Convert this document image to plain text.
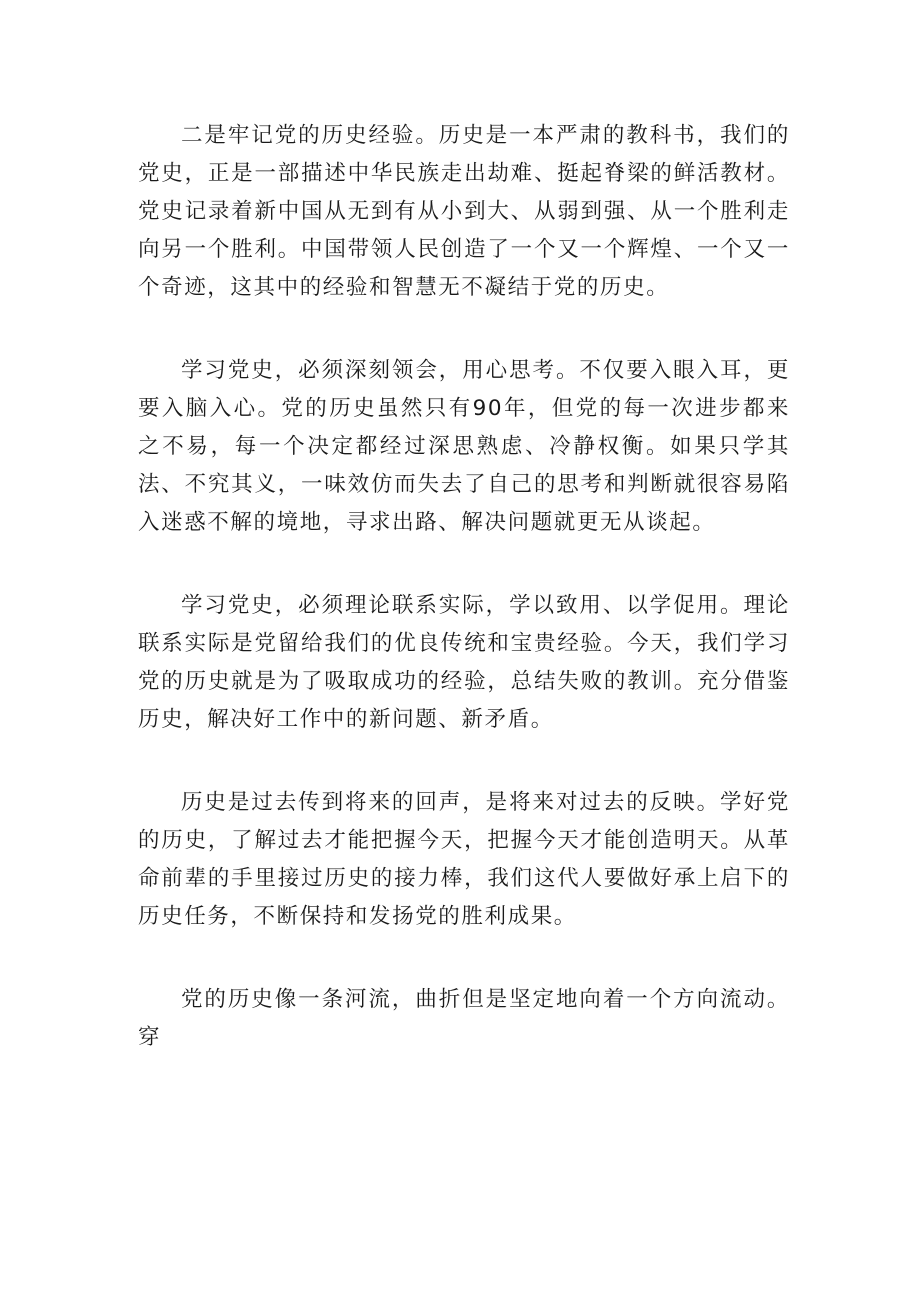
二是牢记党的历史经验。历史是一本严肃的教科书，我们的党史，正是一部描述中华民族走出劫难、挺起脊梁的鲜活教材。党史记录着新中国从无到有从小到大、从弱到强、从一个胜利走向另一个胜利。中国带领人民创造了一个又一个辉煌、一个又一个奇迹，这其中的经验和智慧无不凝结于党的历史。

学习党史，必须深刻领会，用心思考。不仅要入眼入耳，更要入脑入心。党的历史虽然只有90年，但党的每一次进步都来之不易，每一个决定都经过深思熟虑、冷静权衡。如果只学其法、不究其义，一味效仿而失去了自己的思考和判断就很容易陷入迷惑不解的境地，寻求出路、解决问题就更无从谈起。

学习党史，必须理论联系实际，学以致用、以学促用。理论联系实际是党留给我们的优良传统和宝贵经验。今天，我们学习党的历史就是为了吸取成功的经验，总结失败的教训。充分借鉴历史，解决好工作中的新问题、新矛盾。

历史是过去传到将来的回声，是将来对过去的反映。学好党的历史，了解过去才能把握今天，把握今天才能创造明天。从革命前辈的手里接过历史的接力棒，我们这代人要做好承上启下的历史任务，不断保持和发扬党的胜利成果。

党的历史像一条河流，曲折但是坚定地向着一个方向流动。穿
